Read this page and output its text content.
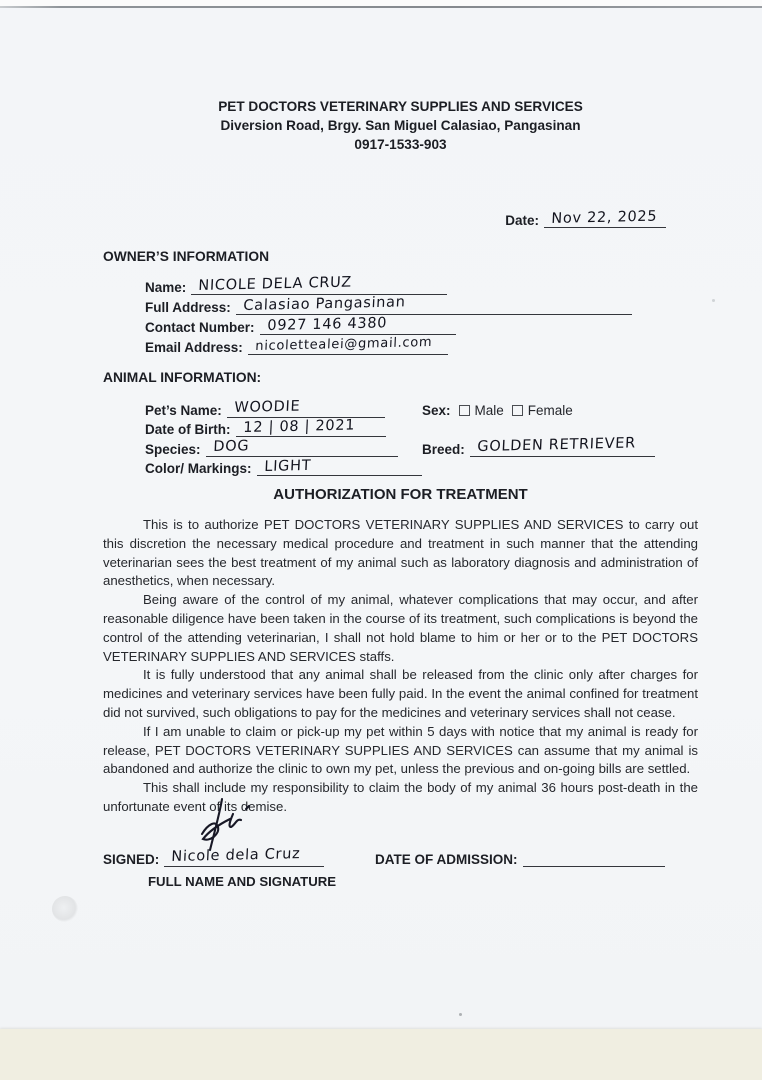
PET DOCTORS VETERINARY SUPPLIES AND SERVICES
Diversion Road, Brgy. San Miguel Calasiao, Pangasinan
0917-1533-903
Date: Nov 22, 2025
OWNER’S INFORMATION
Name: NICOLE DELA CRUZ
Full Address: Calasiao Pangasinan
Contact Number: 0927 146 4380
Email Address: nicolettealei@gmail.com
ANIMAL INFORMATION:
Pet’s Name: WOODIE	Sex: Male Female
Date of Birth: 12 | 08 | 2021
Species: DOG	Breed: GOLDEN RETRIEVER
Color/ Markings: LIGHT
AUTHORIZATION FOR TREATMENT

This is to authorize PET DOCTORS VETERINARY SUPPLIES AND SERVICES to carry out this discretion the necessary medical procedure and treatment in such manner that the attending veterinarian sees the best treatment of my animal such as laboratory diagnosis and administration of anesthetics, when necessary.

Being aware of the control of my animal, whatever complications that may occur, and after reasonable diligence have been taken in the course of its treatment, such complications is beyond the control of the attending veterinarian, I shall not hold blame to him or her or to the PET DOCTORS VETERINARY SUPPLIES AND SERVICES staffs.

It is fully understood that any animal shall be released from the clinic only after charges for medicines and veterinary services have been fully paid. In the event the animal confined for treatment did not survived, such obligations to pay for the medicines and veterinary services shall not cease.

If I am unable to claim or pick-up my pet within 5 days with notice that my animal is ready for release, PET DOCTORS VETERINARY SUPPLIES AND SERVICES can assume that my animal is abandoned and authorize the clinic to own my pet, unless the previous and on-going bills are settled.

This shall include my responsibility to claim the body of my animal 36 hours post-death in the unfortunate event of its demise.

SIGNED: Nicole dela Cruz	DATE OF ADMISSION:
FULL NAME AND SIGNATURE
